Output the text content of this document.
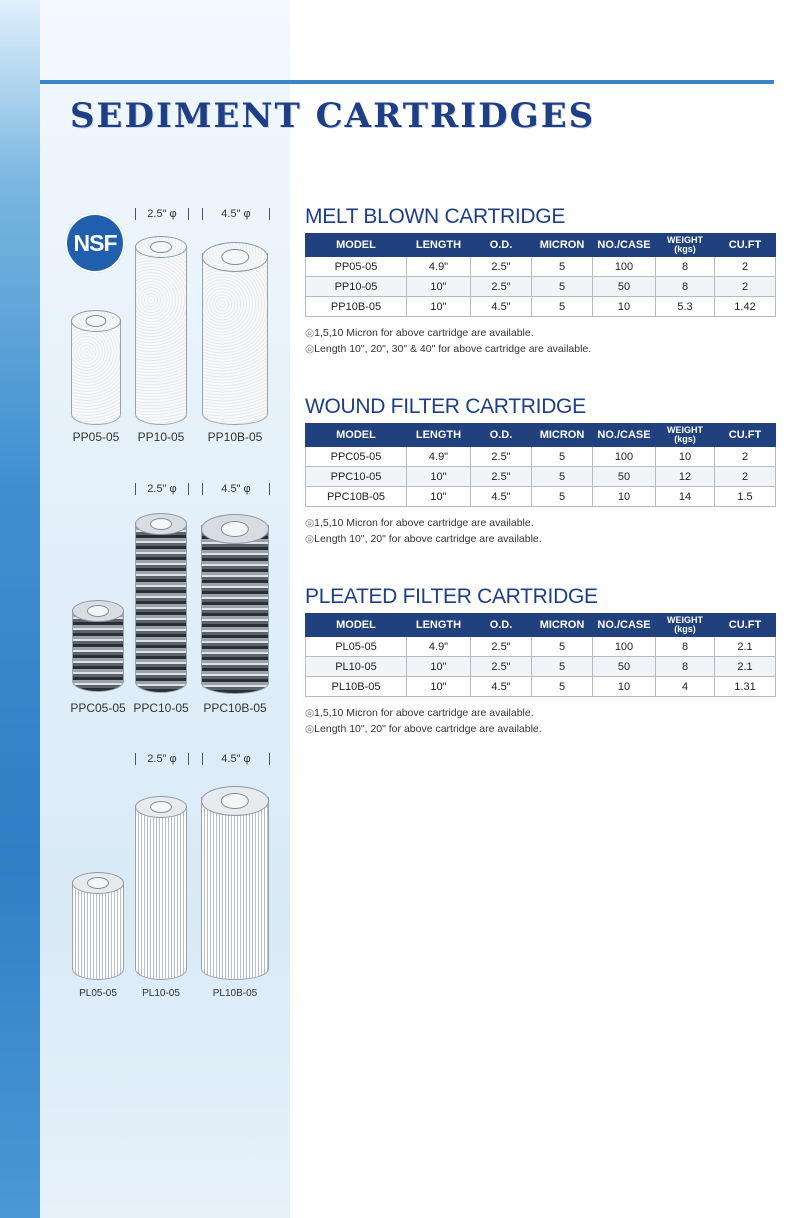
SEDIMENT CARTRIDGES
NSF
2.5" φ	4.5" φ
PP05-05	PP10-05	PP10B-05
2.5" φ	4.5" φ
PPC05-05 PPC10-05	PPC10B-05
2.5" φ	4.5" φ
PL05-05	PL10-05	PL10B-05
MELT BLOWN CARTRIDGE
MODEL	LENGTH	O.D.	MICRON	NO./CASE	WEIGHT (kgs)	CU.FT
PP05-05	4.9"	2.5"	5	100	8	2
PP10-05	10"	2.5"	5	50	8	2
PP10B-05	10"	4.5"	5	10	5.3	1.42
◎1,5,10 Micron for above cartridge are available.
◎Length 10", 20", 30" & 40" for above cartridge are available.
WOUND FILTER CARTRIDGE
MODEL	LENGTH	O.D.	MICRON	NO./CASE	WEIGHT (kgs)	CU.FT
PPC05-05	4.9"	2.5"	5	100	10	2
PPC10-05	10"	2.5"	5	50	12	2
PPC10B-05	10"	4.5"	5	10	14	1.5
◎1,5,10 Micron for above cartridge are available.
◎Length 10", 20" for above cartridge are available.
PLEATED FILTER CARTRIDGE
MODEL	LENGTH	O.D.	MICRON	NO./CASE	WEIGHT (kgs)	CU.FT
PL05-05	4.9"	2.5"	5	100	8	2.1
PL10-05	10"	2.5"	5	50	8	2.1
PL10B-05	10"	4.5"	5	10	4	1.31
◎1,5,10 Micron for above cartridge are available.
◎Length 10", 20" for above cartridge are available.
